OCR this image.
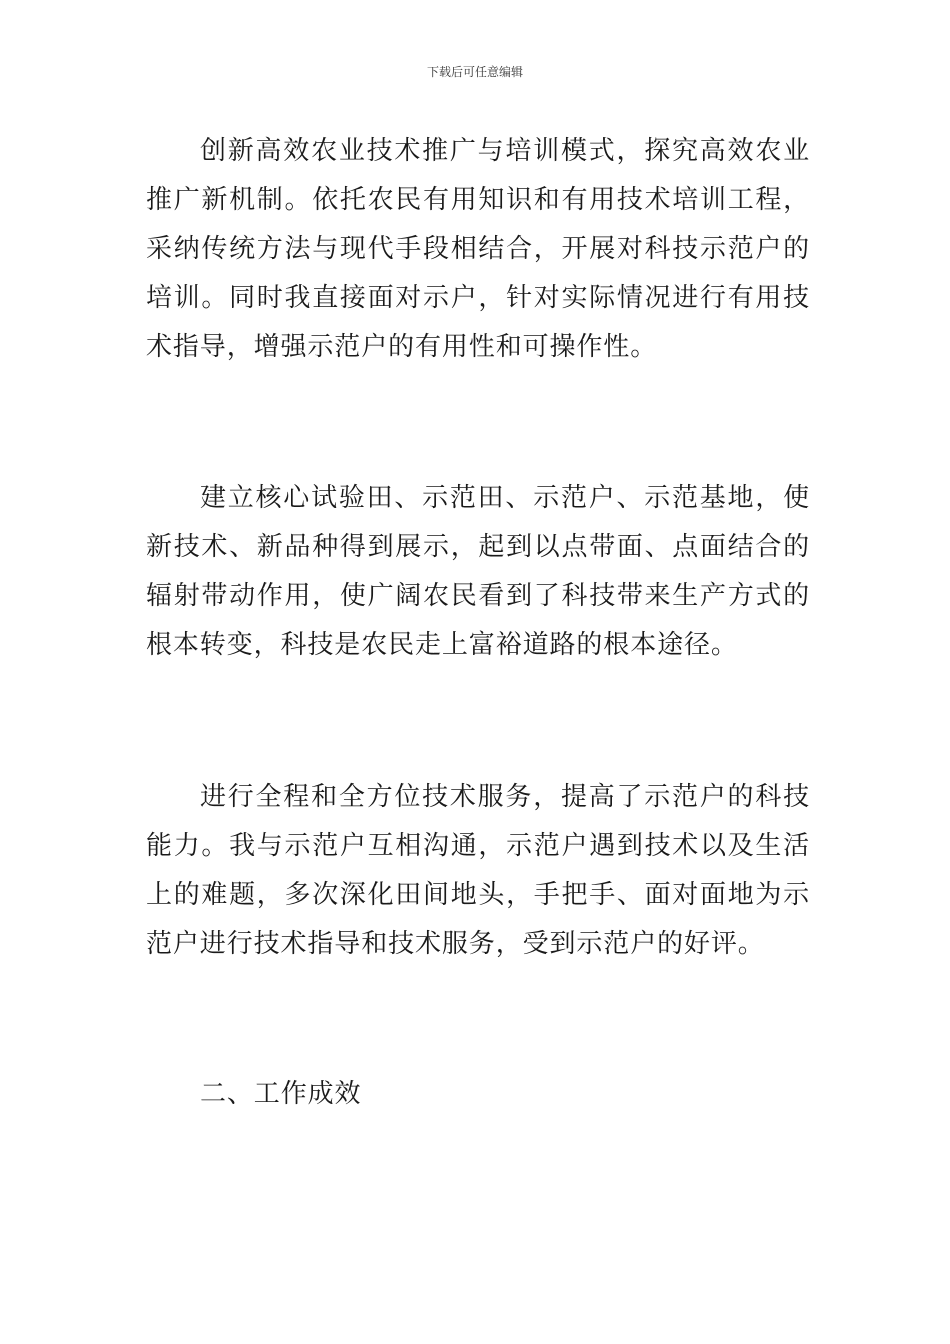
下载后可任意编辑

创新高效农业技术推广与培训模式，探究高效农业推广新机制。依托农民有用知识和有用技术培训工程，采纳传统方法与现代手段相结合，开展对科技示范户的培训。同时我直接面对示户，针对实际情况进行有用技术指导，增强示范户的有用性和可操作性。

建立核心试验田、示范田、示范户、示范基地，使新技术、新品种得到展示，起到以点带面、点面结合的辐射带动作用，使广阔农民看到了科技带来生产方式的根本转变，科技是农民走上富裕道路的根本途径。

进行全程和全方位技术服务，提高了示范户的科技能力。我与示范户互相沟通，示范户遇到技术以及生活上的难题，多次深化田间地头，手把手、面对面地为示范户进行技术指导和技术服务，受到示范户的好评。

二、工作成效
